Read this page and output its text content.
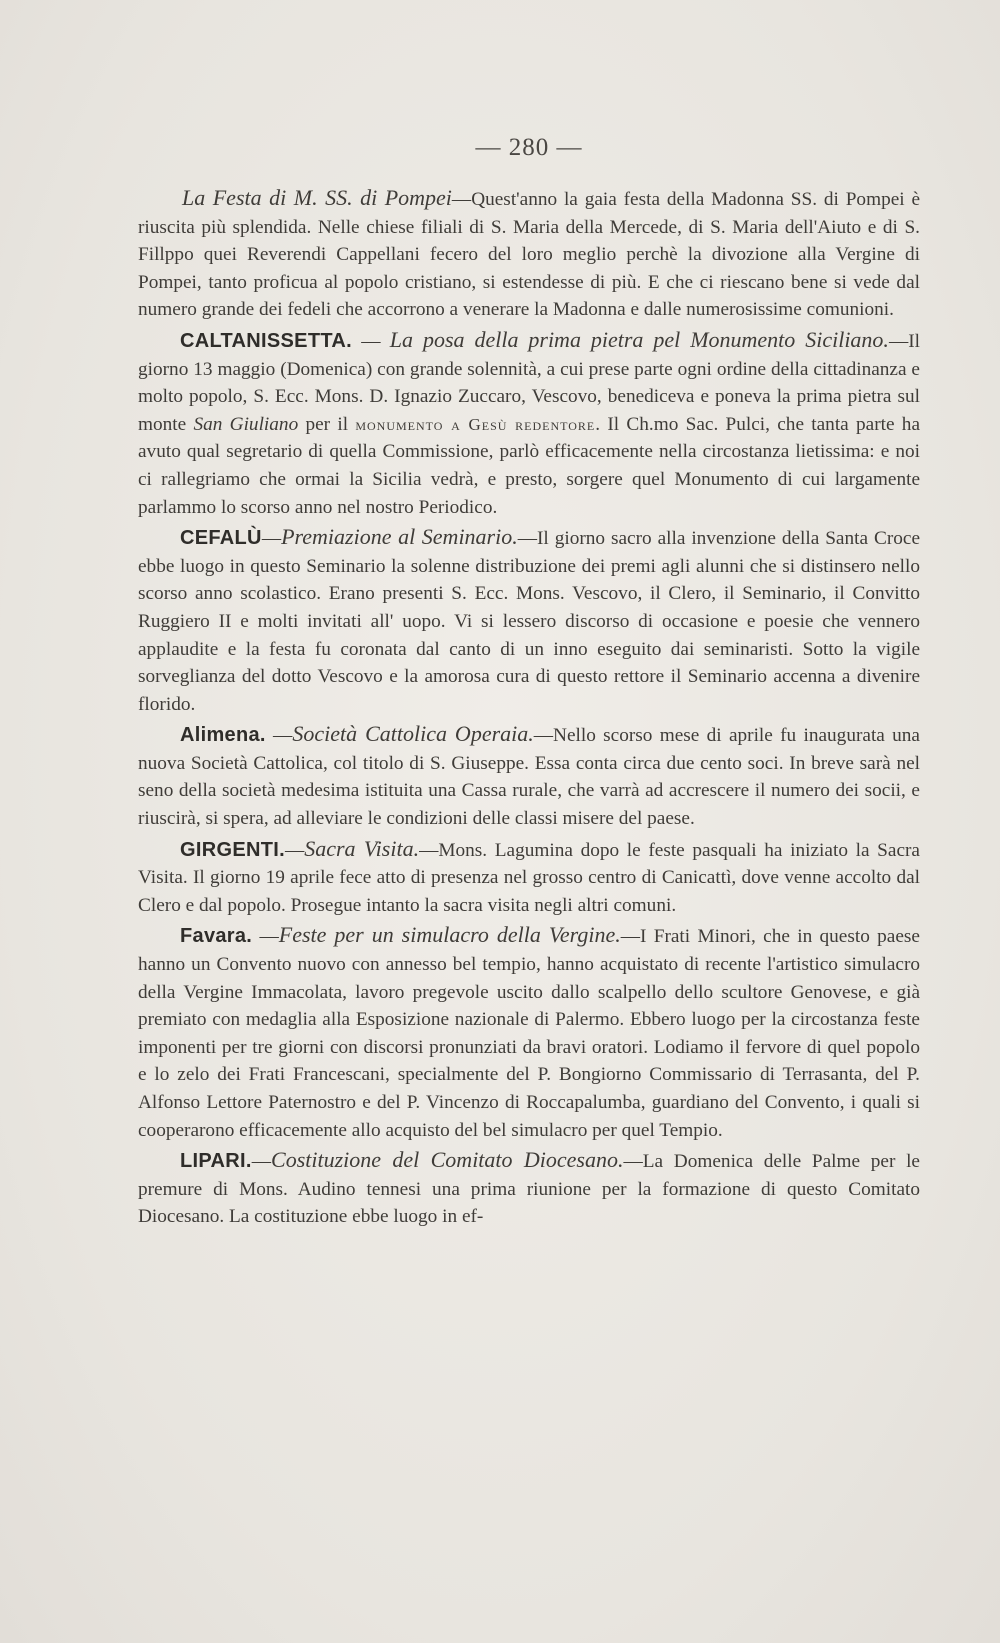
— 280 —

La Festa di M. SS. di Pompei—Quest'anno la gaia festa della Madonna SS. di Pompei è riuscita più splendida. Nelle chiese filiali di S. Maria della Mercede, di S. Maria dell'Aiuto e di S. Fillppo quei Reverendi Cappellani fecero del loro meglio perchè la divozione alla Vergine di Pompei, tanto proficua al popolo cristiano, si estendesse di più. E che ci riescano bene si vede dal numero grande dei fedeli che accorrono a venerare la Madonna e dalle numerosissime comunioni.

CALTANISSETTA. — La posa della prima pietra pel Monumento Siciliano.—Il giorno 13 maggio (Domenica) con grande solennità, a cui prese parte ogni ordine della cittadinanza e molto popolo, S. Ecc. Mons. D. Ignazio Zuccaro, Vescovo, benediceva e poneva la prima pietra sul monte San Giuliano per il monumento a Gesù redentore. Il Ch.mo Sac. Pulci, che tanta parte ha avuto qual segretario di quella Commissione, parlò efficacemente nella circostanza lietissima: e noi ci rallegriamo che ormai la Sicilia vedrà, e presto, sorgere quel Monumento di cui largamente parlammo lo scorso anno nel nostro Periodico.

CEFALÙ—Premiazione al Seminario.—Il giorno sacro alla invenzione della Santa Croce ebbe luogo in questo Seminario la solenne distribuzione dei premi agli alunni che si distinsero nello scorso anno scolastico. Erano presenti S. Ecc. Mons. Vescovo, il Clero, il Seminario, il Convitto Ruggiero II e molti invitati all' uopo. Vi si lessero discorso di occasione e poesie che vennero applaudite e la festa fu coronata dal canto di un inno eseguito dai seminaristi. Sotto la vigile sorveglianza del dotto Vescovo e la amorosa cura di questo rettore il Seminario accenna a divenire florido.

Alimena. —Società Cattolica Operaia.—Nello scorso mese di aprile fu inaugurata una nuova Società Cattolica, col titolo di S. Giuseppe. Essa conta circa due cento soci. In breve sarà nel seno della società medesima istituita una Cassa rurale, che varrà ad accrescere il numero dei socii, e riuscirà, si spera, ad alleviare le condizioni delle classi misere del paese.

GIRGENTI.—Sacra Visita.—Mons. Lagumina dopo le feste pasquali ha iniziato la Sacra Visita. Il giorno 19 aprile fece atto di presenza nel grosso centro di Canicattì, dove venne accolto dal Clero e dal popolo. Prosegue intanto la sacra visita negli altri comuni.

Favara. —Feste per un simulacro della Vergine.—I Frati Minori, che in questo paese hanno un Convento nuovo con annesso bel tempio, hanno acquistato di recente l'artistico simulacro della Vergine Immacolata, lavoro pregevole uscito dallo scalpello dello scultore Genovese, e già premiato con medaglia alla Esposizione nazionale di Palermo. Ebbero luogo per la circostanza feste imponenti per tre giorni con discorsi pronunziati da bravi oratori. Lodiamo il fervore di quel popolo e lo zelo dei Frati Francescani, specialmente del P. Bongiorno Commissario di Terrasanta, del P. Alfonso Lettore Paternostro e del P. Vincenzo di Roccapalumba, guardiano del Convento, i quali si cooperarono efficacemente allo acquisto del bel simulacro per quel Tempio.

LIPARI.—Costituzione del Comitato Diocesano.—La Domenica delle Palme per le premure di Mons. Audino tennesi una prima riunione per la formazione di questo Comitato Diocesano. La costituzione ebbe luogo in ef-
